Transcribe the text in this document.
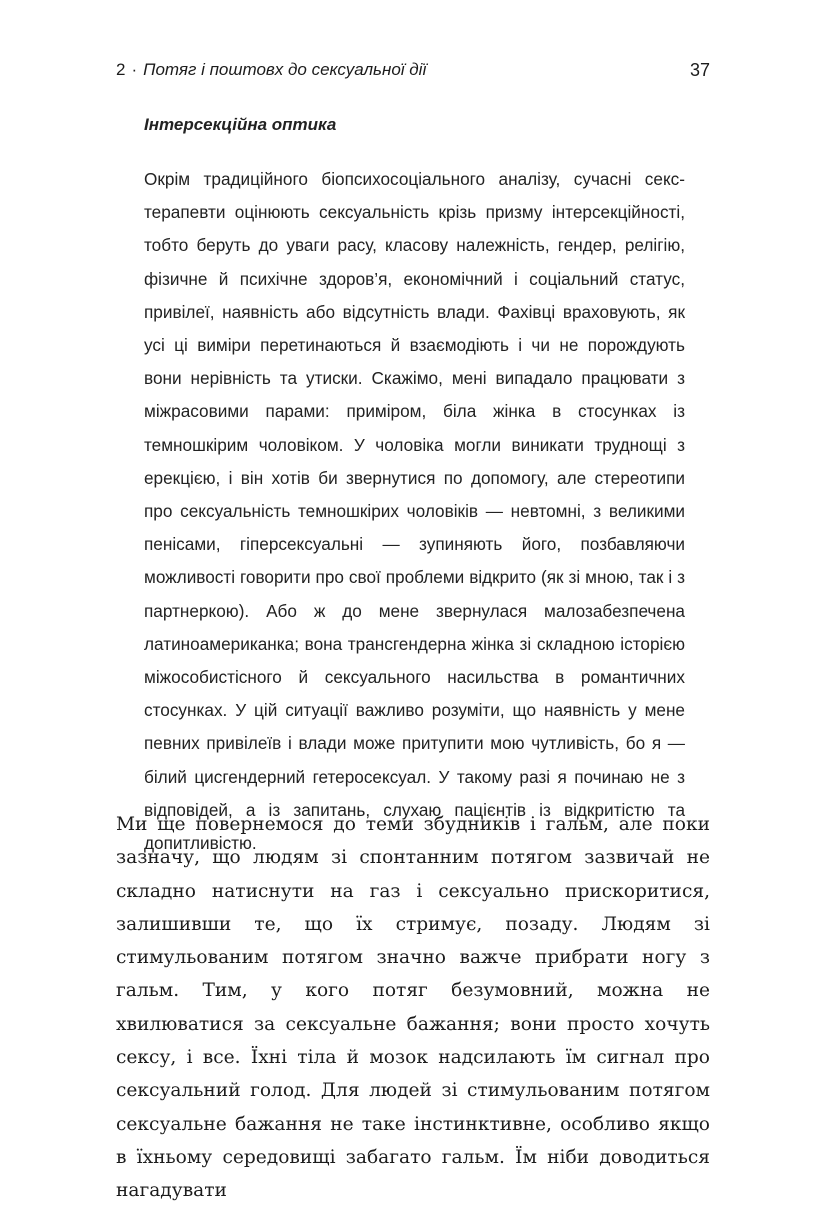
2 · Потяг і поштовх до сексуальної дії	37
Інтерсекційна оптика

Окрім традиційного біопсихосоціального аналізу, сучасні секстерапевти оцінюють сексуальність крізь призму інтерсекційності, тобто беруть до уваги расу, класову належність, гендер, релігію, фізичне й психічне здоров’я, економічний і соціальний статус, привілеї, наявність або відсутність влади. Фахівці враховують, як усі ці виміри перетинаються й взаємодіють і чи не порождують вони нерівність та утиски. Скажімо, мені випадало працювати з міжрасовими парами: приміром, біла жінка в стосунках із темношкірим чоловіком. У чоловіка могли виникати труднощі з ерекцією, і він хотів би звернутися по допомогу, але стереотипи про сексуальність темношкірих чоловіків — невтомні, з великими пенісами, гіперсексуальні — зупиняють його, позбавляючи можливості говорити про свої проблеми відкрито (як зі мною, так і з партнеркою). Або ж до мене звернулася малозабезпечена латиноамериканка; вона трансгендерна жінка зі складною історією міжособистісного й сексуального насильства в романтичних стосунках. У цій ситуації важливо розуміти, що наявність у мене певних привілеїв і влади може притупити мою чутливість, бо я — білий цисгендерний гетеросексуал. У такому разі я починаю не з відповідей, а із запитань, слухаю пацієнтів із відкритістю та допитливістю.

Ми ще повернемося до теми збудників і гальм, але поки зазначу, що людям зі спонтанним потягом зазвичай не складно натиснути на газ і сексуально прискоритися, залишивши те, що їх стримує, позаду. Людям зі стимульованим потягом значно важче прибрати ногу з гальм. Тим, у кого потяг безумовний, можна не хвилюватися за сексуальне бажання; вони просто хочуть сексу, і все. Їхні тіла й мозок надсилають їм сигнал про сексуальний голод. Для людей зі стимульованим потягом сексуальне бажання не таке інстинктивне, особливо якщо в їхньому середовищі забагато гальм. Їм ніби доводиться нагадувати
